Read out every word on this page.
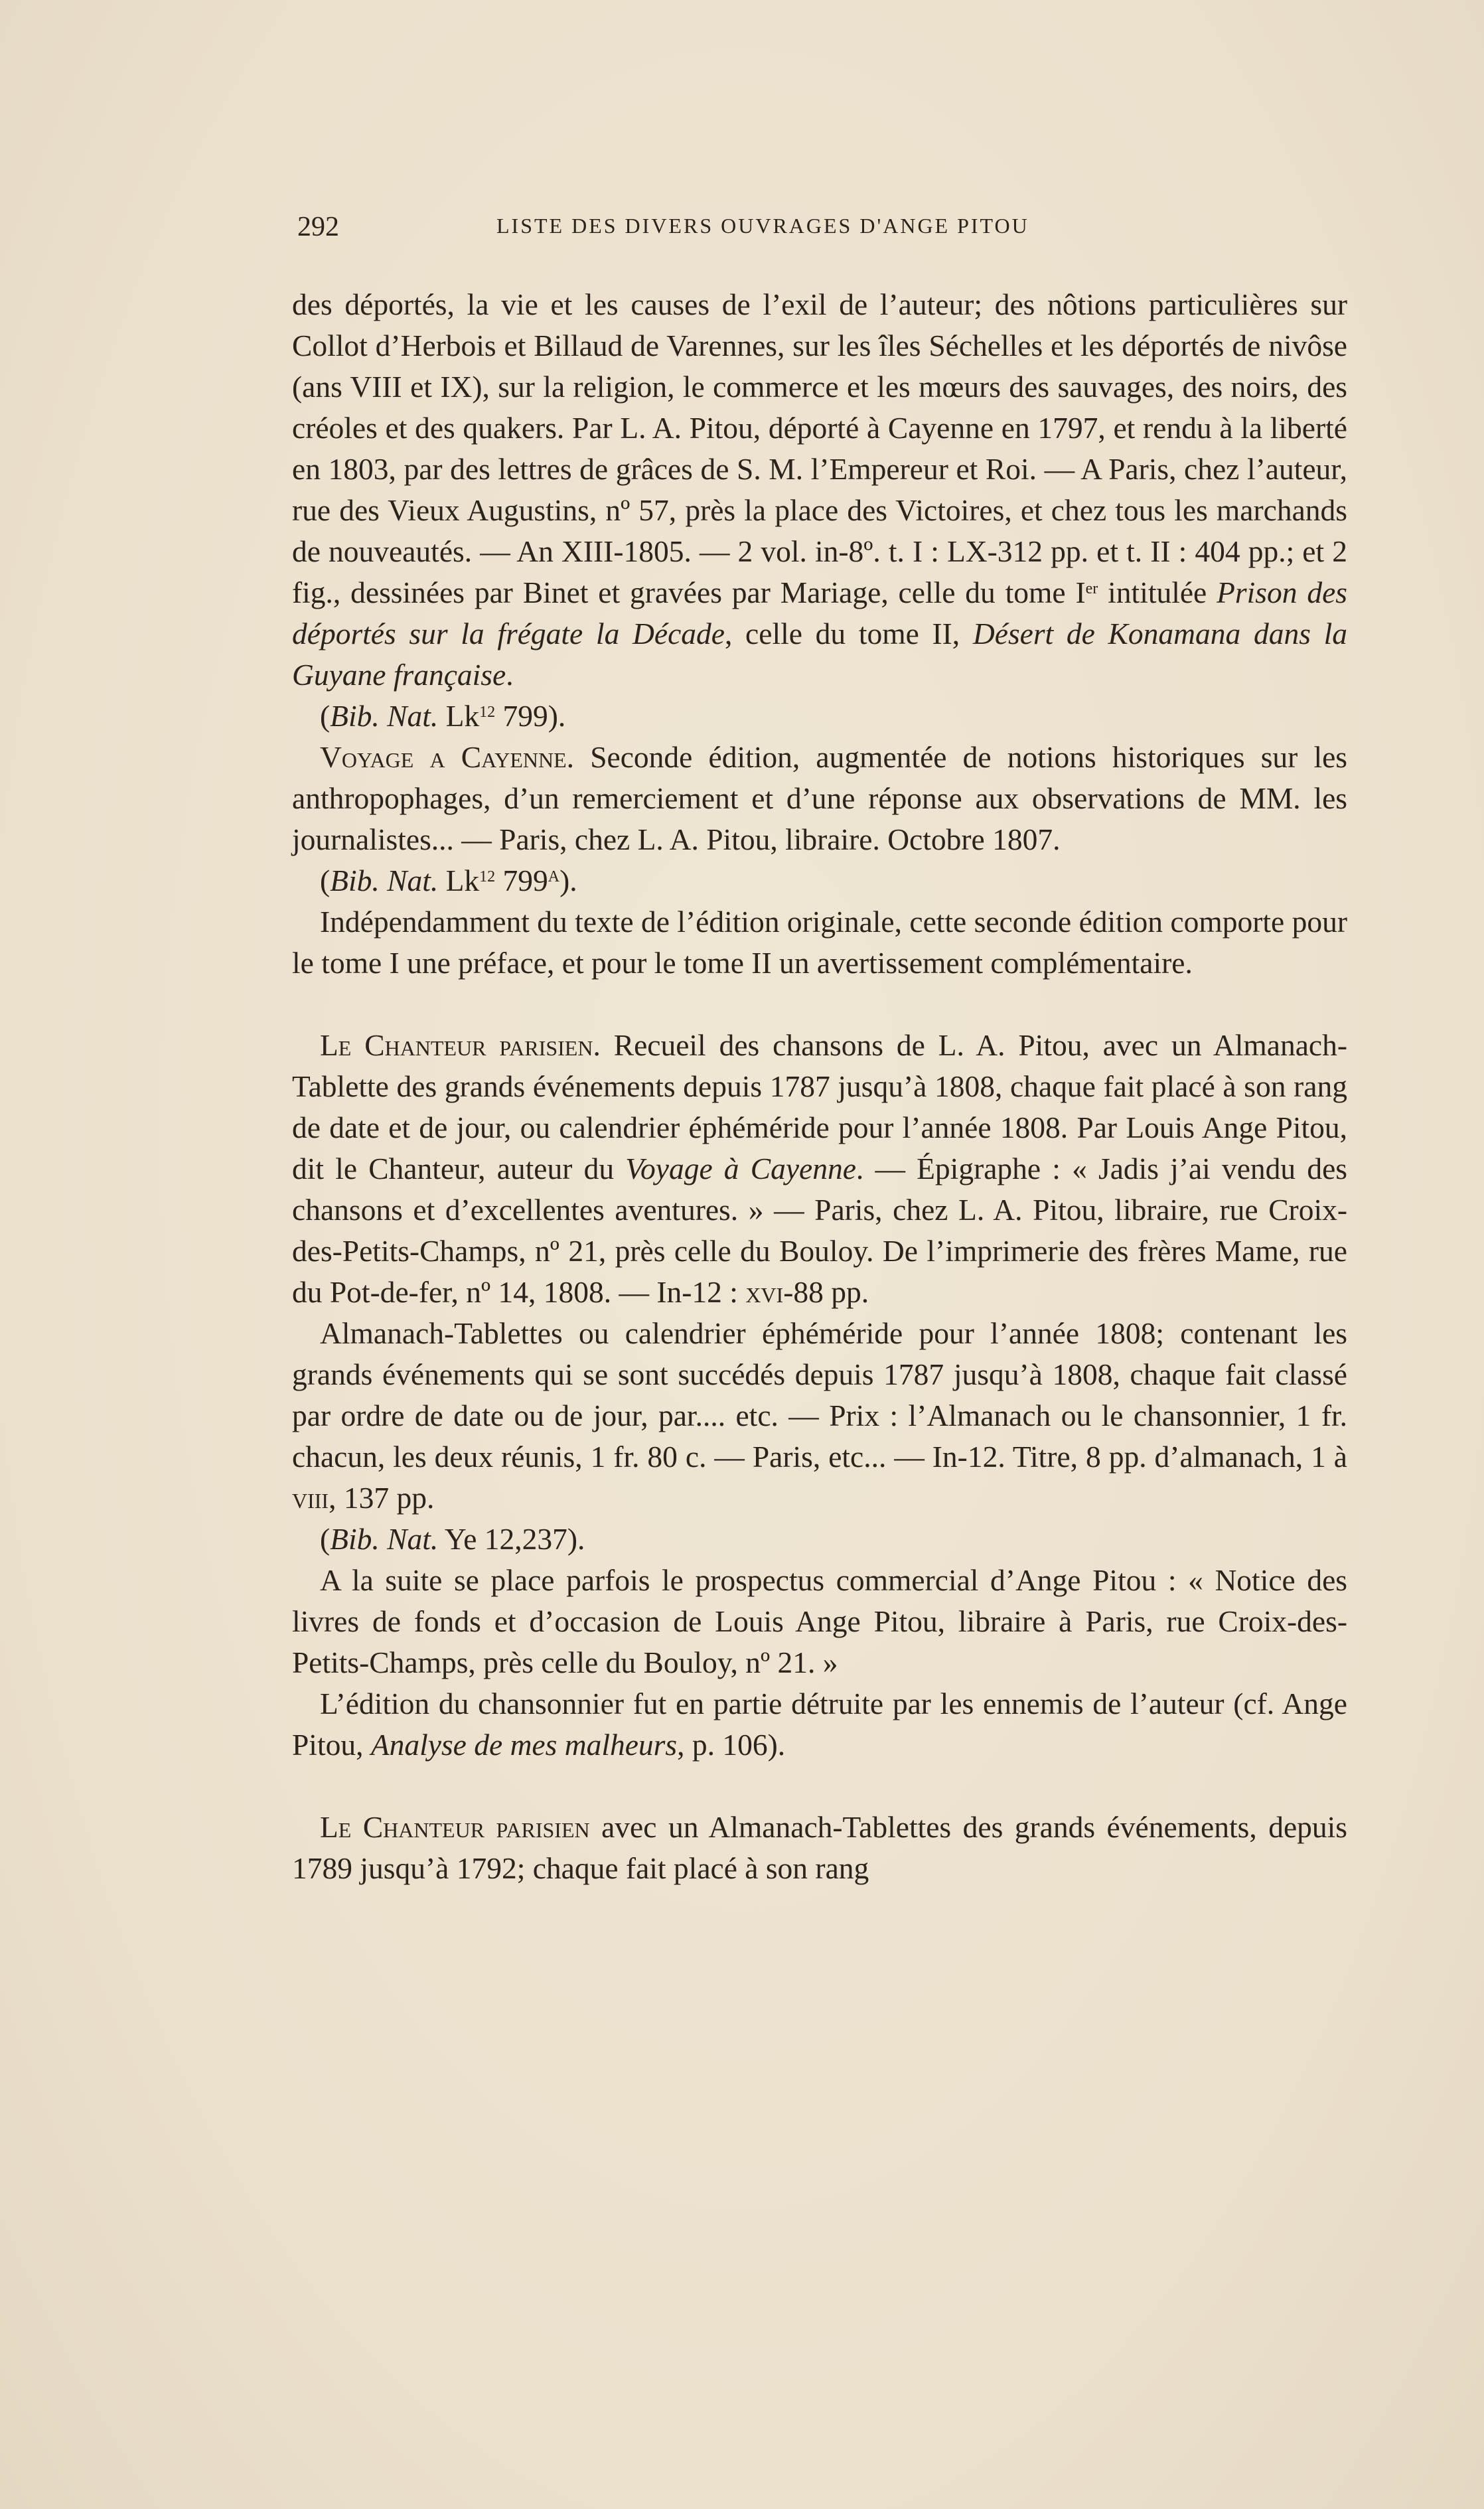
292	LISTE DES DIVERS OUVRAGES D'ANGE PITOU

des déportés, la vie et les causes de l’exil de l’auteur; des nôtions particulières sur Collot d’Herbois et Billaud de Varennes, sur les îles Séchelles et les déportés de nivôse (ans VIII et IX), sur la religion, le commerce et les mœurs des sauvages, des noirs, des créoles et des quakers. Par L. A. Pitou, déporté à Cayenne en 1797, et rendu à la liberté en 1803, par des lettres de grâces de S. M. l’Empereur et Roi. — A Paris, chez l’auteur, rue des Vieux Augustins, nº 57, près la place des Victoires, et chez tous les marchands de nouveautés. — An XIII-1805. — 2 vol. in-8º. t. I : LX-312 pp. et t. II : 404 pp.; et 2 fig., dessinées par Binet et gravées par Mariage, celle du tome Ier intitulée Prison des déportés sur la frégate la Décade, celle du tome II, Désert de Konamana dans la Guyane française.

(Bib. Nat. Lk$^{12}$ 799).

Voyage a Cayenne. Seconde édition, augmentée de notions historiques sur les anthropophages, d’un remerciement et d’une réponse aux observations de MM. les journalistes... — Paris, chez L. A. Pitou, libraire. Octobre 1807.

(Bib. Nat. Lk$^{12}$ $799^A$).

Indépendamment du texte de l’édition originale, cette seconde édition comporte pour le tome I une préface, et pour le tome II un avertissement complémentaire.

Le Chanteur parisien. Recueil des chansons de L. A. Pitou, avec un Almanach-Tablette des grands événements depuis 1787 jusqu’à 1808, chaque fait placé à son rang de date et de jour, ou calendrier éphéméride pour l’année 1808. Par Louis Ange Pitou, dit le Chanteur, auteur du Voyage à Cayenne. — Épigraphe : « Jadis j’ai vendu des chansons et d’excellentes aventures. » — Paris, chez L. A. Pitou, libraire, rue Croix-des-Petits-Champs, nº 21, près celle du Bouloy. De l’imprimerie des frères Mame, rue du Pot-de-fer, nº 14, 1808. — In-12 : xvi-88 pp.

Almanach-Tablettes ou calendrier éphéméride pour l’année 1808; contenant les grands événements qui se sont succédés depuis 1787 jusqu’à 1808, chaque fait classé par ordre de date ou de jour, par.... etc. — Prix : l’Almanach ou le chansonnier, 1 fr. chacun, les deux réunis, 1 fr. 80 c. — Paris, etc... — In-12. Titre, 8 pp. d’almanach, 1 à viii, 137 pp.

(Bib. Nat. Ye 12,237).

A la suite se place parfois le prospectus commercial d’Ange Pitou : « Notice des livres de fonds et d’occasion de Louis Ange Pitou, libraire à Paris, rue Croix-des-Petits-Champs, près celle du Bouloy, nº 21. »

L’édition du chansonnier fut en partie détruite par les ennemis de l’auteur (cf. Ange Pitou, Analyse de mes malheurs, p. 106).

Le Chanteur parisien avec un Almanach-Tablettes des grands événements, depuis 1789 jusqu’à 1792; chaque fait placé à son rang
